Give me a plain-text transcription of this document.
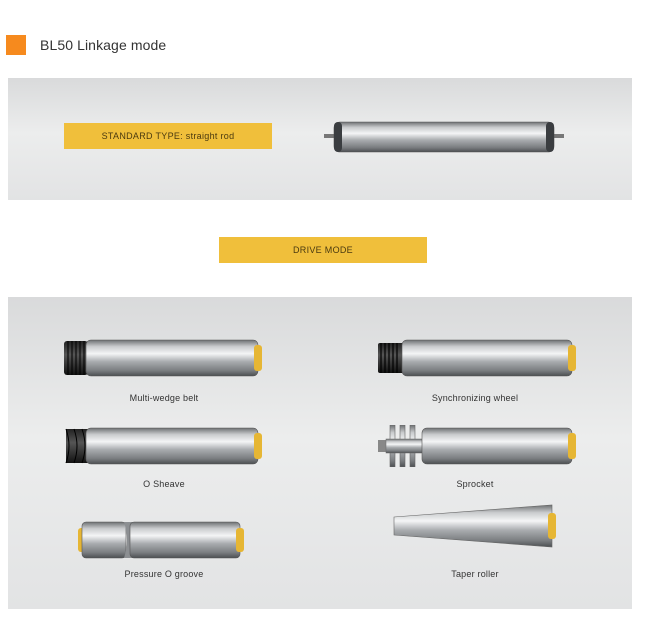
BL50 Linkage mode
STANDARD TYPE: straight rod
DRIVE MODE
Multi-wedge belt	Synchronizing wheel
O Sheave	Sprocket
Pressure O groove	Taper roller
